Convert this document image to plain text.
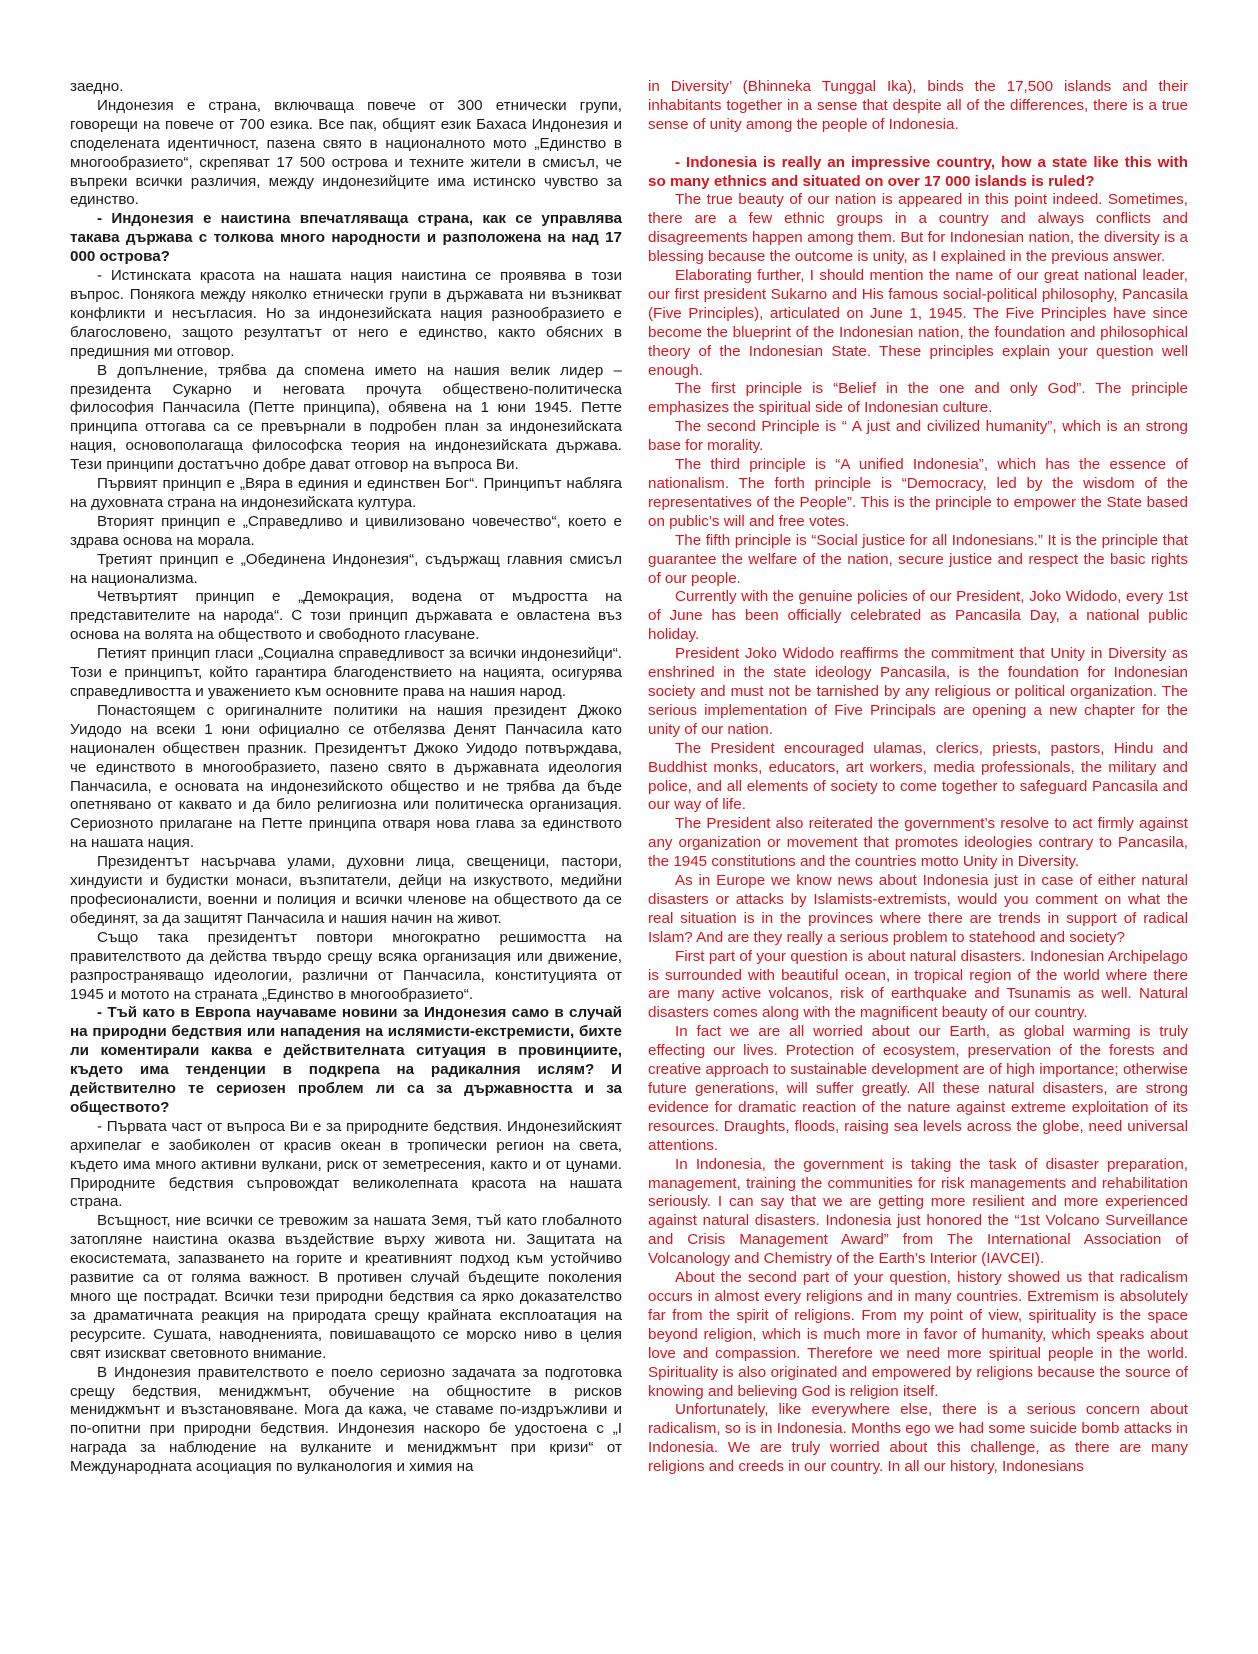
заедно.

Индонезия е страна, включваща повече от 300 етнически групи, говорещи на повече от 700 езика. Все пак, общият език Бахаса Индонезия и споделената идентичност, пазена свято в националното мото „Единство в многообразието“, скрепяват 17 500 острова и техните жители в смисъл, че въпреки всички различия, между индонезийците има истинско чувство за единство.

- Индонезия е наистина впечатляваща страна, как се управлява такава държава с толкова много народности и разположена на над 17 000 острова?

- Истинската красота на нашата нация наистина се проявява в този въпрос. Понякога между няколко етнически групи в държавата ни възникват конфликти и несъгласия. Но за индонезийската нация разнообразието е благословено, защото резултатът от него е единство, както обясних в предишния ми отговор.

В допълнение, трябва да спомена името на нашия велик лидер – президента Сукарно и неговата прочута обществено-политическа философия Панчасила (Петте принципа), обявена на 1 юни 1945. Петте принципа оттогава са се превърнали в подробен план за индонезийската нация, основополагаща философска теория на индонезийската държава. Тези принципи достатъчно добре дават отговор на въпроса Ви.

Първият принцип е „Вяра в единия и единствен Бог“. Принципът набляга на духовната страна на индонезийската култура.

Вторият принцип е „Справедливо и цивилизовано човечество“, което е здрава основа на морала.

Третият принцип е „Обединена Индонезия“, съдържащ главния смисъл на национализма.

Четвъртият принцип е „Демокрация, водена от мъдростта на представителите на народа“. С този принцип държавата е овластена въз основа на волята на обществото и свободното гласуване.

Петият принцип гласи „Социална справедливост за всички индонезийци“. Този е принципът, който гарантира благоденствието на нацията, осигурява справедливостта и уважението към основните права на нашия народ.

Понастоящем с оригиналните политики на нашия президент Джоко Уидодо на всеки 1 юни официално се отбелязва Денят Панчасила като национален обществен празник. Президентът Джоко Уидодо потвърждава, че единството в многообразието, пазено свято в държавната идеология Панчасила, е основата на индонезийското общество и не трябва да бъде опетнявано от каквато и да било религиозна или политическа организация. Сериозното прилагане на Петте принципа отваря нова глава за единството на нашата нация.

Президентът насърчава улами, духовни лица, свещеници, пастори, хиндуисти и будистки монаси, възпитатели, дейци на изкуството, медийни професионалисти, военни и полиция и всички членове на обществото да се обединят, за да защитят Панчасила и нашия начин на живот.

Също така президентът повтори многократно решимостта на правителството да действа твърдо срещу всяка организация или движение, разпространяващо идеологии, различни от Панчасила, конституцията от 1945 и мотото на страната „Единство в многообразието“.

- Тъй като в Европа научаваме новини за Индонезия само в случай на природни бедствия или нападения на ислямисти-екстремисти, бихте ли коментирали каква е действителната ситуация в провинциите, където има тенденции в подкрепа на радикалния ислям? И действително те сериозен проблем ли са за държавността и за обществото?

- Първата част от въпроса Ви е за природните бедствия. Индонезийският архипелаг е заобиколен от красив океан в тропически регион на света, където има много активни вулкани, риск от земетресения, както и от цунами. Природните бедствия съпровождат великолепната красота на нашата страна.

Всъщност, ние всички се тревожим за нашата Земя, тъй като глобалното затопляне наистина оказва въздействие върху живота ни. Защитата на екосистемата, запазването на горите и креативният подход към устойчиво развитие са от голяма важност. В противен случай бъдещите поколения много ще пострадат. Всички тези природни бедствия са ярко доказателство за драматичната реакция на природата срещу крайната експлоатация на ресурсите. Сушата, наводненията, повишаващото се морско ниво в целия свят изискват световното внимание.

В Индонезия правителството е поело сериозно задачата за подготовка срещу бедствия, мениджмънт, обучение на общностите в рисков мениджмънт и възстановяване. Мога да кажа, че ставаме по-издръжливи и по-опитни при природни бедствия. Индонезия наскоро бе удостоена с „I награда за наблюдение на вулканите и мениджмънт при кризи“ от Международната асоциация по вулканология и химия на

in Diversity’ (Bhinneka Tunggal Ika), binds the 17,500 islands and their inhabitants together in a sense that despite all of the differences, there is a true sense of unity among the people of Indonesia.

- Indonesia is really an impressive country, how a state like this with so many ethnics and situated on over 17 000 islands is ruled?

The true beauty of our nation is appeared in this point indeed. Sometimes, there are a few ethnic groups in a country and always conflicts and disagreements happen among them. But for Indonesian nation, the diversity is a blessing because the outcome is unity, as I explained in the previous answer.

Elaborating further, I should mention the name of our great national leader, our first president Sukarno and His famous social-political philosophy, Pancasila (Five Principles), articulated on June 1, 1945. The Five Principles have since become the blueprint of the Indonesian nation, the foundation and philosophical theory of the Indonesian State. These principles explain your question well enough.

The first principle is “Belief in the one and only God”. The principle emphasizes the spiritual side of Indonesian culture.

The second Principle is “ A just and civilized humanity”, which is an strong base for morality.

The third principle is “A unified Indonesia”, which has the essence of nationalism. The forth principle is “Democracy, led by the wisdom of the representatives of the People”. This is the principle to empower the State based on public’s will and free votes.

The fifth principle is “Social justice for all Indonesians.” It is the principle that guarantee the welfare of the nation, secure justice and respect the basic rights of our people.

Currently with the genuine policies of our President, Joko Widodo, every 1st of June has been officially celebrated as Pancasila Day, a national public holiday.

President Joko Widodo reaffirms the commitment that Unity in Diversity as enshrined in the state ideology Pancasila, is the foundation for Indonesian society and must not be tarnished by any religious or political organization. The serious implementation of Five Principals are opening a new chapter for the unity of our nation.

The President encouraged ulamas, clerics, priests, pastors, Hindu and Buddhist monks, educators, art workers, media professionals, the military and police, and all elements of society to come together to safeguard Pancasila and our way of life.

The President also reiterated the government’s resolve to act firmly against any organization or movement that promotes ideologies contrary to Pancasila, the 1945 constitutions and the countries motto Unity in Diversity.

As in Europe we know news about Indonesia just in case of either natural disasters or attacks by Islamists-extremists, would you comment on what the real situation is in the provinces where there are trends in support of radical Islam? And are they really a serious problem to statehood and society?

First part of your question is about natural disasters. Indonesian Archipelago is surrounded with beautiful ocean, in tropical region of the world where there are many active volcanos, risk of earthquake and Tsunamis as well. Natural disasters comes along with the magnificent beauty of our country.

In fact we are all worried about our Earth, as global warming is truly effecting our lives. Protection of ecosystem, preservation of the forests and creative approach to sustainable development are of high importance; otherwise future generations, will suffer greatly. All these natural disasters, are strong evidence for dramatic reaction of the nature against extreme exploitation of its resources. Draughts, floods, raising sea levels across the globe, need universal attentions.

In Indonesia, the government is taking the task of disaster preparation, management, training the communities for risk managements and rehabilitation seriously. I can say that we are getting more resilient and more experienced against natural disasters. Indonesia just honored the “1st Volcano Surveillance and Crisis Management Award” from The International Association of Volcanology and Chemistry of the Earth’s Interior (IAVCEI).

About the second part of your question, history showed us that radicalism occurs in almost every religions and in many countries. Extremism is absolutely far from the spirit of religions. From my point of view, spirituality is the space beyond religion, which is much more in favor of humanity, which speaks about love and compassion. Therefore we need more spiritual people in the world. Spirituality is also originated and empowered by religions because the source of knowing and believing God is religion itself.

Unfortunately, like everywhere else, there is a serious concern about radicalism, so is in Indonesia. Months ego we had some suicide bomb attacks in Indonesia. We are truly worried about this challenge, as there are many religions and creeds in our country. In all our history, Indonesians
